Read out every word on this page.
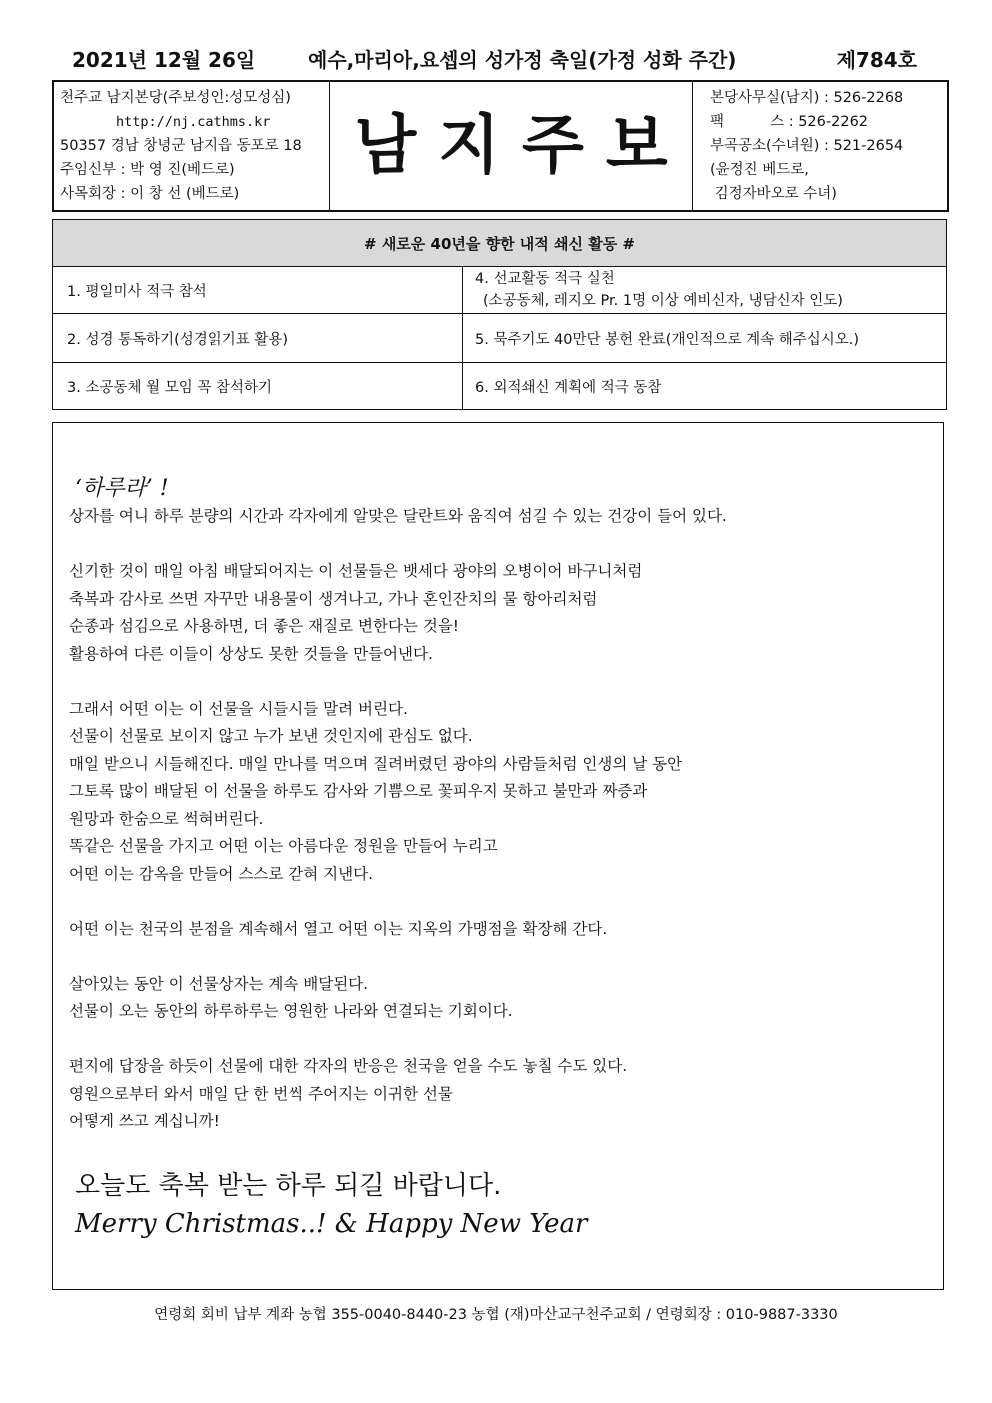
2021년 12월 26일	예수,마리아,요셉의 성가정 축일(가정 성화 주간)	제784호
천주교 남지본당(주보성인:성모성심)
http://nj.cathms.kr
50357 경남 창녕군 남지읍 동포로 18
주임신부 : 박 영 진(베드로)
사목회장 : 이 창 선 (베드로)
남지주보
본당사무실(남지) : 526-2268
팩          스 : 526-2262
부곡공소(수녀원) : 521-2654
(윤정진 베드로,
김정자바오로 수녀)
# 새로운 40년을 향한 내적 쇄신 활동 #	
1. 평일미사 적극 참석	4. 선교활동 적극 실천
(소공동체, 레지오 Pr. 1명 이상 예비신자, 냉담신자 인도)

2. 성경 통독하기(성경읽기표 활용)	5. 묵주기도 40만단 봉헌 완료(개인적으로 계속 해주십시오.)
3. 소공동체 월 모임 꼭 참석하기	6. 외적쇄신 계획에 적극 동참
‘하루라’ !
상자를 여니 하루 분량의 시간과 각자에게 알맞은 달란트와 움직여 섬길 수 있는 건강이 들어 있다.
신기한 것이 매일 아침 배달되어지는 이 선물들은 뱃세다 광야의 오병이어 바구니처럼
축복과 감사로 쓰면 자꾸만 내용물이 생겨나고, 가나 혼인잔치의 물 항아리처럼
순종과 섬김으로 사용하면, 더 좋은 재질로 변한다는 것을!
활용하여 다른 이들이 상상도 못한 것들을 만들어낸다.
그래서 어떤 이는 이 선물을 시들시들 말려 버린다.
선물이 선물로 보이지 않고 누가 보낸 것인지에 관심도 없다.
매일 받으니 시들해진다. 매일 만나를 먹으며 질려버렸던 광야의 사람들처럼 인생의 날 동안
그토록 많이 배달된 이 선물을 하루도 감사와 기쁨으로 꽃피우지 못하고 불만과 짜증과
원망과 한숨으로 썩혀버린다.
똑같은 선물을 가지고 어떤 이는 아름다운 정원을 만들어 누리고
어떤 이는 감옥을 만들어 스스로 갇혀 지낸다.
어떤 이는 천국의 분점을 계속해서 열고 어떤 이는 지옥의 가맹점을 확장해 간다.
살아있는 동안 이 선물상자는 계속 배달된다.
선물이 오는 동안의 하루하루는 영원한 나라와 연결되는 기회이다.
편지에 답장을 하듯이 선물에 대한 각자의 반응은 천국을 얻을 수도 놓칠 수도 있다.
영원으로부터 와서 매일 단 한 번씩 주어지는 이귀한 선물
어떻게 쓰고 계십니까!
오늘도 축복 받는 하루 되길 바랍니다.
Merry Christmas..! & Happy New Year
연령회 회비 납부 계좌 농협 355-0040-8440-23 농협 (재)마산교구천주교회 / 연령회장 : 010-9887-3330
